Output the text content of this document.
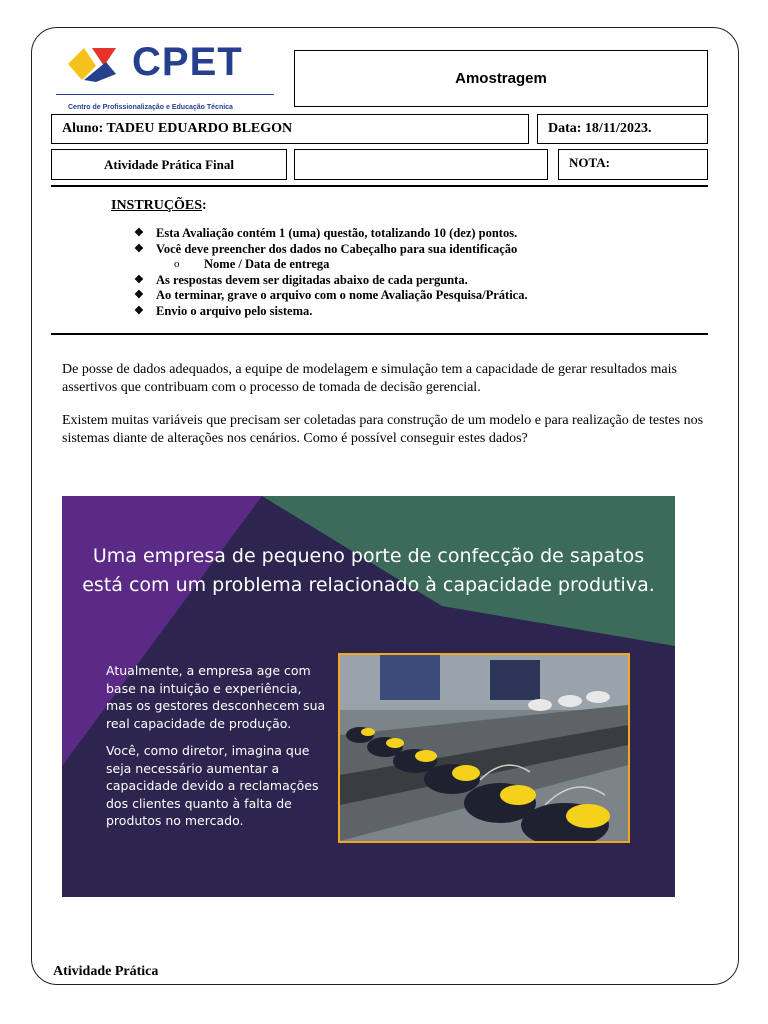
CPET
Centro de Profissionalização e Educação Técnica
Amostragem
Aluno: TADEU EDUARDO BLEGON	Data: 18/11/2023.
Atividade Prática Final	NOTA:
INSTRUÇÕES:
❖ Esta Avaliação contém 1 (uma) questão, totalizando 10 (dez) pontos.
❖ Você deve preencher dos dados no Cabeçalho para sua identificação
o	Nome / Data de entrega
❖ As respostas devem ser digitadas abaixo de cada pergunta.
❖ Ao terminar, grave o arquivo com o nome Avaliação Pesquisa/Prática.
❖ Envio o arquivo pelo sistema.
De posse de dados adequados, a equipe de modelagem e simulação tem a capacidade de gerar resultados mais assertivos que contribuam com o processo de tomada de decisão gerencial.
Existem muitas variáveis que precisam ser coletadas para construção de um modelo e para realização de testes nos sistemas diante de alterações nos cenários. Como é possível conseguir estes dados?
Uma empresa de pequeno porte de confecção de sapatos
está com um problema relacionado à capacidade produtiva.
Atualmente, a empresa age com base na intuição e experiência, mas os gestores desconhecem sua real capacidade de produção.
Você, como diretor, imagina que seja necessário aumentar a capacidade devido a reclamações dos clientes quanto à falta de produtos no mercado.
Atividade Prática
